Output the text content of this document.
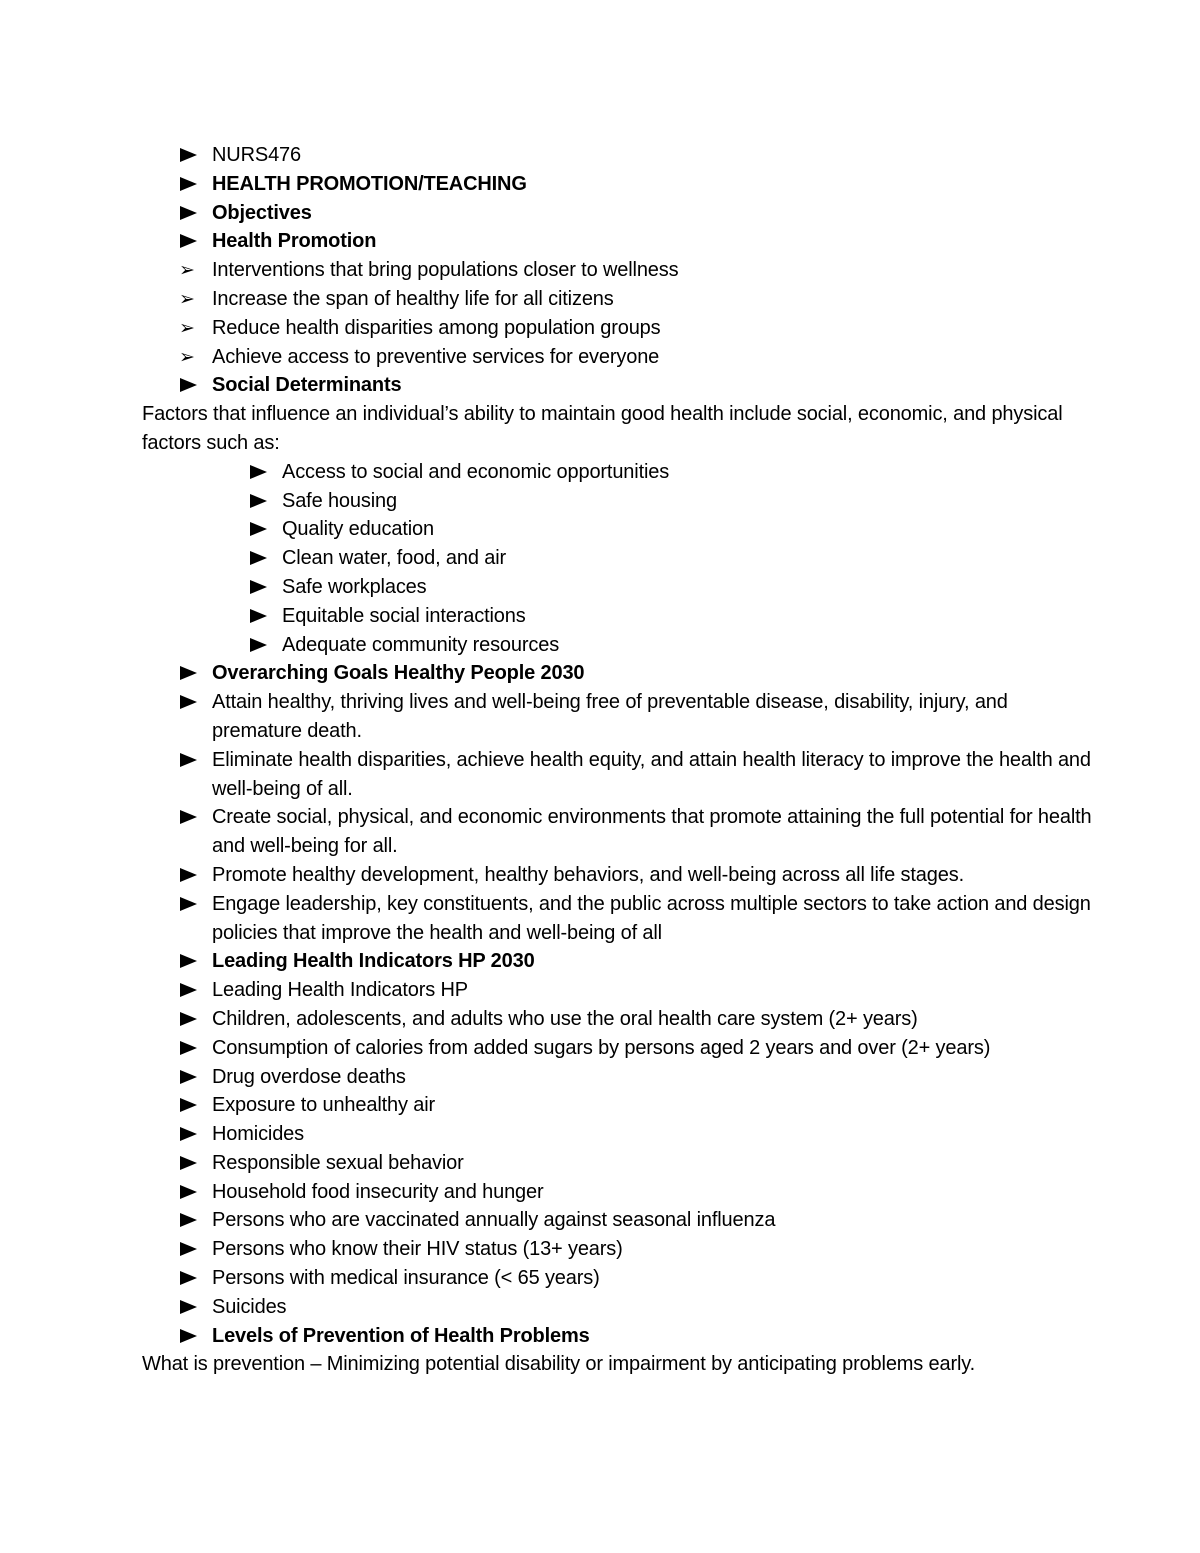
NURS476
HEALTH PROMOTION/TEACHING
Objectives
Health Promotion
➢ Interventions that bring populations closer to wellness
➢ Increase the span of healthy life for all citizens
➢ Reduce health disparities among population groups
➢ Achieve access to preventive services for everyone
Social Determinants
Factors that influence an individual’s ability to maintain good health include social, economic, and physical factors such as:
Access to social and economic opportunities
Safe housing
Quality education
Clean water, food, and air
Safe workplaces
Equitable social interactions
Adequate community resources
Overarching Goals Healthy People 2030
Attain healthy, thriving lives and well-being free of preventable disease, disability, injury, and premature death.
Eliminate health disparities, achieve health equity, and attain health literacy to improve the health and well-being of all.
Create social, physical, and economic environments that promote attaining the full potential for health and well-being for all.
Promote healthy development, healthy behaviors, and well-being across all life stages.
Engage leadership, key constituents, and the public across multiple sectors to take action and design policies that improve the health and well-being of all
Leading Health Indicators HP 2030
Leading Health Indicators HP
Children, adolescents, and adults who use the oral health care system (2+ years)
Consumption of calories from added sugars by persons aged 2 years and over (2+ years)
Drug overdose deaths
Exposure to unhealthy air
Homicides
Responsible sexual behavior
Household food insecurity and hunger
Persons who are vaccinated annually against seasonal influenza
Persons who know their HIV status (13+ years)
Persons with medical insurance (< 65 years)
Suicides
Levels of Prevention of Health Problems
What is prevention – Minimizing potential disability or impairment by anticipating problems early.
